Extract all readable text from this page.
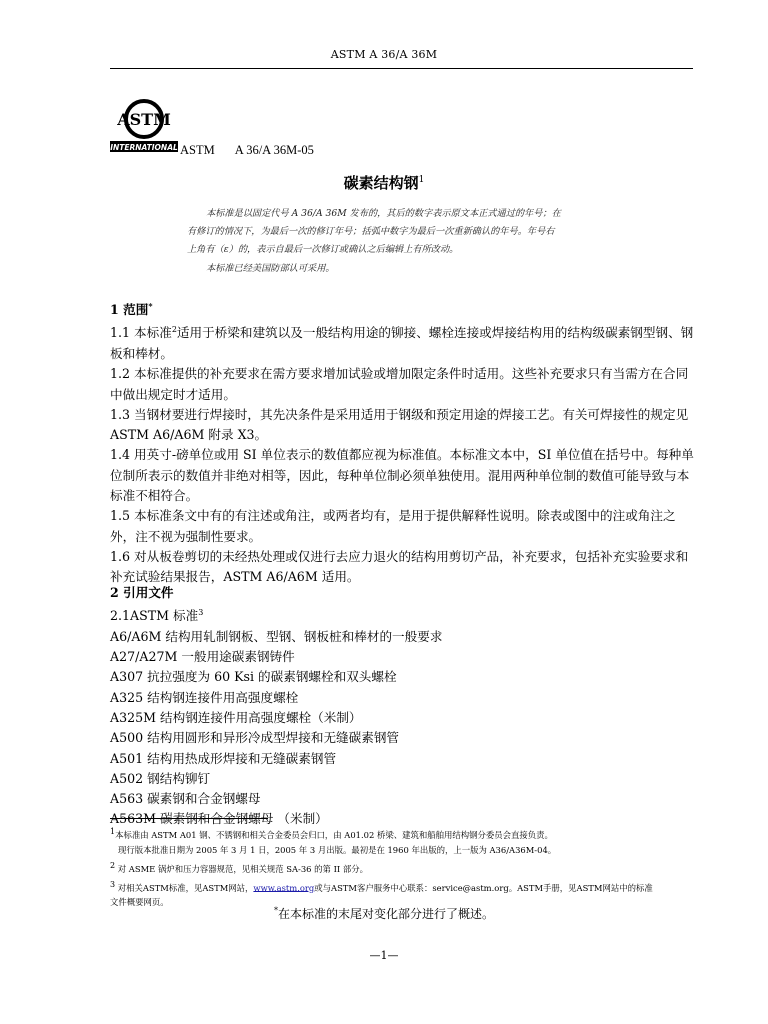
ASTM A 36/A 36M
ASTM
INTERNATIONAL ASTM A 36/A 36M-05
碳素结构钢$^1$

本标准是以固定代号 A 36/A 36M 发布的，其后的数字表示原文本正式通过的年号；在

有修订的情况下，为最后一次的修订年号；括弧中数字为最后一次重新确认的年号。年号右

上角有（ε）的，表示自最后一次修订或确认之后编辑上有所改动。

本标准已经美国防部认可采用。

1 范围*

1.1 本标准$^2$适用于桥梁和建筑以及一般结构用途的铆接、螺栓连接或焊接结构用的结构级碳素钢型钢、钢板和棒材。

1.2 本标准提供的补充要求在需方要求增加试验或增加限定条件时适用。这些补充要求只有当需方在合同中做出规定时才适用。

1.3 当钢材要进行焊接时，其先决条件是采用适用于钢级和预定用途的焊接工艺。有关可焊接性的规定见 ASTM A6/A6M 附录 X3。

1.4 用英寸-磅单位或用 SI 单位表示的数值都应视为标准值。本标准文本中，SI 单位值在括号中。每种单位制所表示的数值并非绝对相等，因此，每种单位制必须单独使用。混用两种单位制的数值可能导致与本标准不相符合。

1.5 本标准条文中有的有注述或角注，或两者均有，是用于提供解释性说明。除表或图中的注或角注之外，注不视为强制性要求。

1.6 对从板卷剪切的未经热处理或仅进行去应力退火的结构用剪切产品，补充要求，包括补充实验要求和补充试验结果报告，ASTM A6/A6M 适用。

2 引用文件

2.1ASTM 标准$^3$

A6/A6M 结构用轧制钢板、型钢、钢板桩和棒材的一般要求

A27/A27M 一般用途碳素钢铸件

A307 抗拉强度为 60 Ksi 的碳素钢螺栓和双头螺栓

A325 结构钢连接件用高强度螺栓

A325M 结构钢连接件用高强度螺栓（米制）

A500 结构用圆形和异形冷成型焊接和无缝碳素钢管

A501 结构用热成形焊接和无缝碳素钢管

A502 钢结构铆钉

A563 碳素钢和合金钢螺母

A563M 碳素钢和合金钢螺母 （米制）

$^1$本标准由 ASTM A01 钢、不锈钢和相关合金委员会归口，由 A01.02 桥梁、建筑和船舶用结构钢分委员会直接负责。

现行版本批准日期为 2005 年 3 月 1 日，2005 年 3 月出版。最初是在 1960 年出版的，上一版为 A36/A36M-04。

$^2$ 对 ASME 锅炉和压力容器规范，见相关规范 SA-36 的第 II 部分。

$^3$ 对相关ASTM标准，见ASTM网站，www.astm.org或与ASTM客户服务中心联系：service@astm.org。ASTM手册，见ASTM网站中的标准

文件概要网页。

*在本标准的末尾对变化部分进行了概述。
—1—
